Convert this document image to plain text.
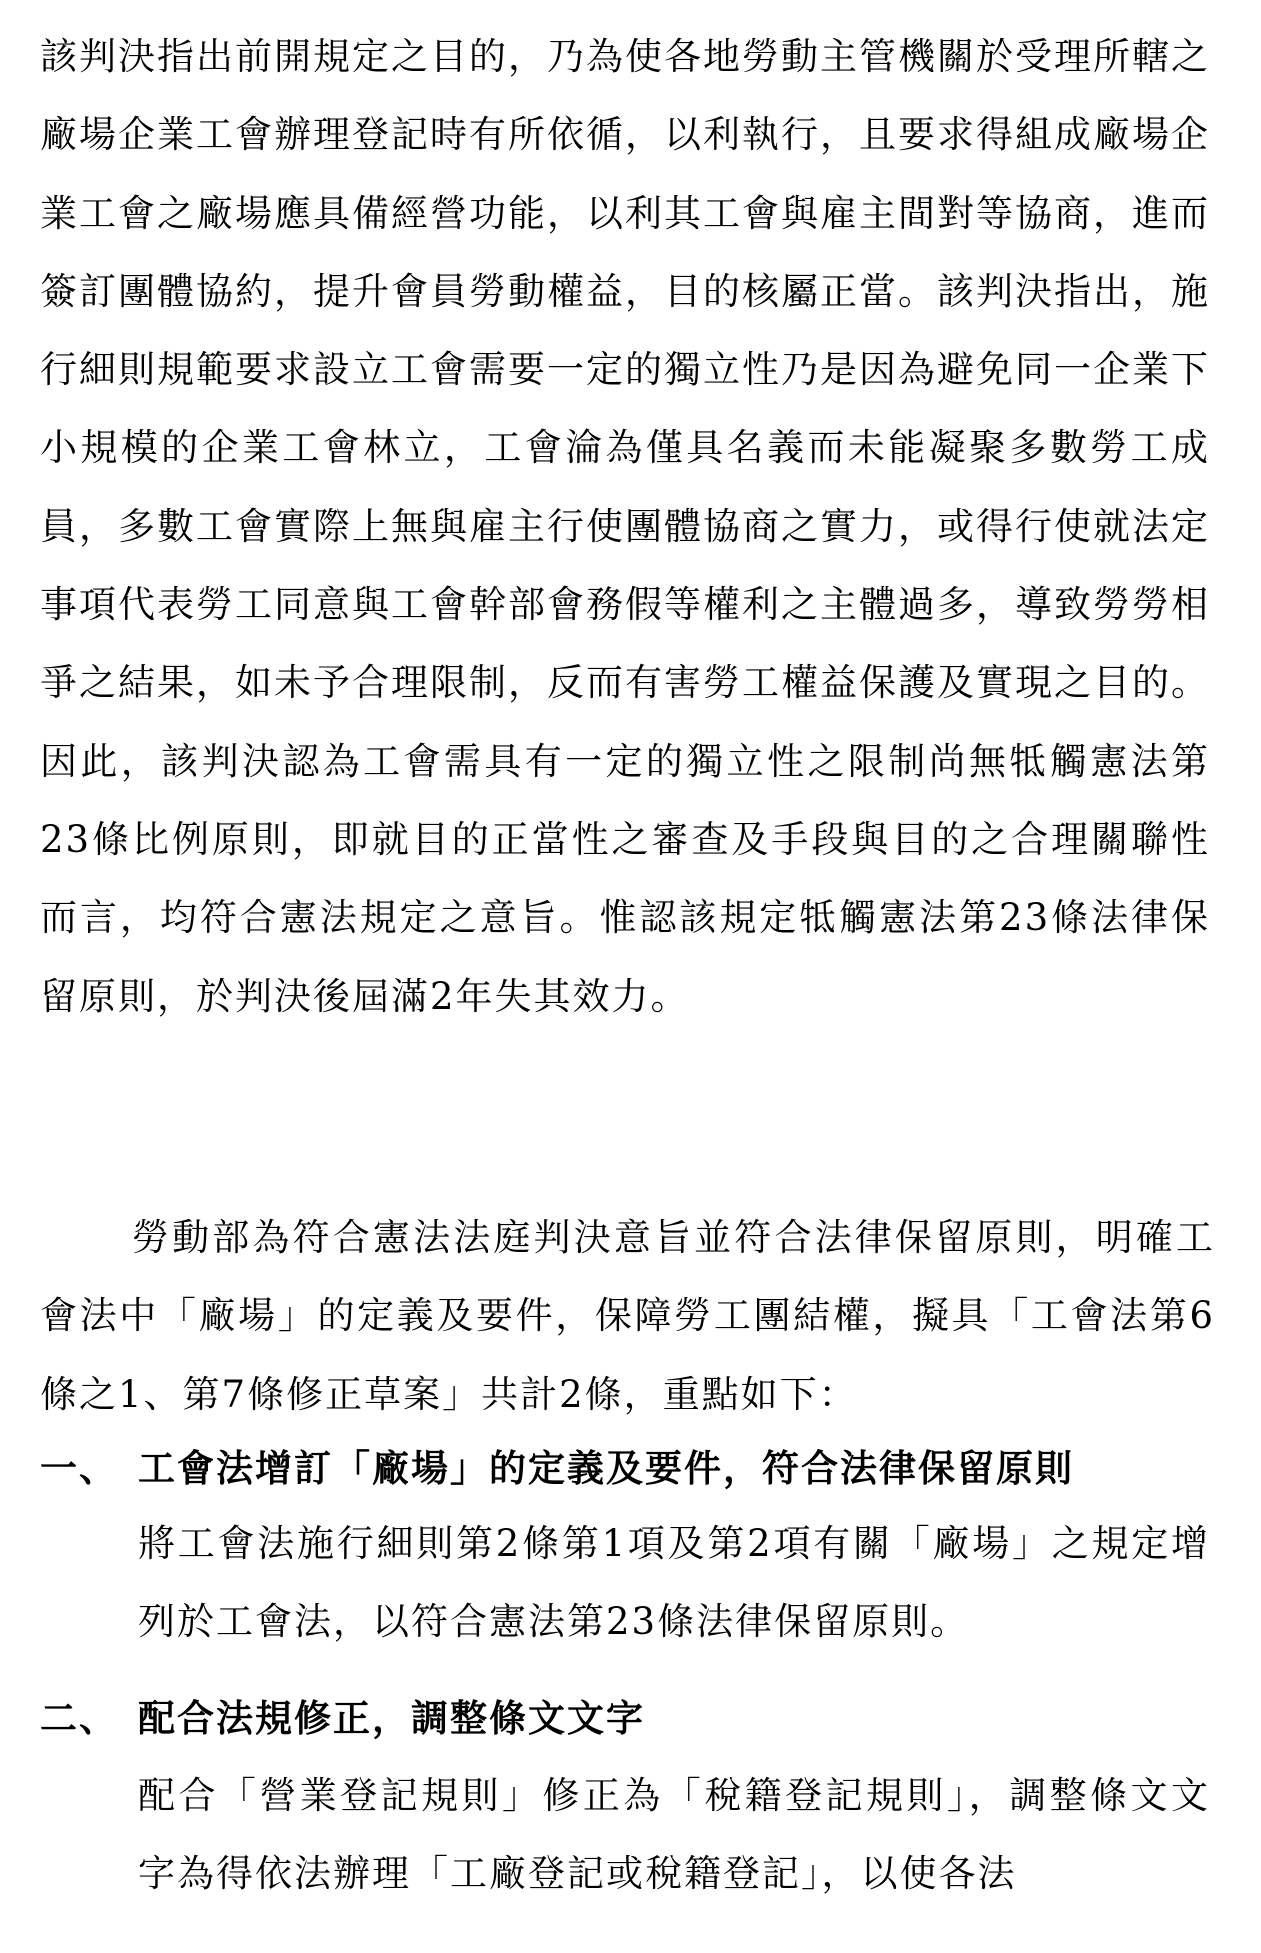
該判決指出前開規定之目的，乃為使各地勞動主管機關於受理所轄之廠場企業工會辦理登記時有所依循，以利執行，且要求得組成廠場企業工會之廠場應具備經營功能，以利其工會與雇主間對等協商，進而簽訂團體協約，提升會員勞動權益，目的核屬正當。該判決指出，施行細則規範要求設立工會需要一定的獨立性乃是因為避免同一企業下小規模的企業工會林立，工會淪為僅具名義而未能凝聚多數勞工成員，多數工會實際上無與雇主行使團體協商之實力，或得行使就法定事項代表勞工同意與工會幹部會務假等權利之主體過多，導致勞勞相爭之結果，如未予合理限制，反而有害勞工權益保護及實現之目的。因此，該判決認為工會需具有一定的獨立性之限制尚無牴觸憲法第23條比例原則，即就目的正當性之審查及手段與目的之合理關聯性而言，均符合憲法規定之意旨。惟認該規定牴觸憲法第23條法律保留原則，於判決後屆滿2年失其效力。
勞動部為符合憲法法庭判決意旨並符合法律保留原則，明確工會法中「廠場」的定義及要件，保障勞工團結權，擬具「工會法第6條之1、第7條修正草案」共計2條，重點如下：
一、 工會法增訂「廠場」的定義及要件，符合法律保留原則
將工會法施行細則第2條第1項及第2項有關「廠場」之規定增列於工會法，以符合憲法第23條法律保留原則。
二、 配合法規修正，調整條文文字
配合「營業登記規則」修正為「稅籍登記規則」，調整條文文字為得依法辦理「工廠登記或稅籍登記」，以使各法
